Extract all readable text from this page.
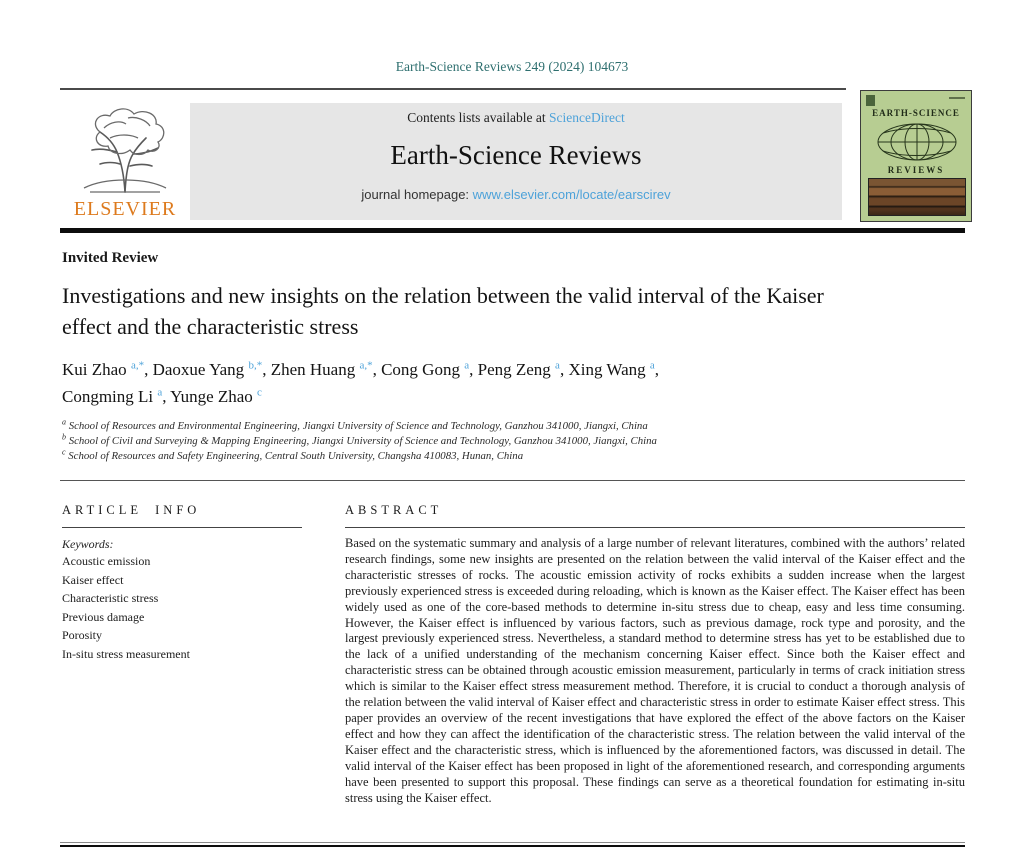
Earth-Science Reviews 249 (2024) 104673
ELSEVIER
Contents lists available at ScienceDirect
Earth-Science Reviews
journal homepage: www.elsevier.com/locate/earscirev
EARTH-SCIENCE
REVIEWS
Invited Review
Investigations and new insights on the relation between the valid interval of the Kaiser effect and the characteristic stress
Kui Zhao $^{a,*}$, Daoxue Yang $^{b,*}$, Zhen Huang $^{a,*}$, Cong Gong $^a$, Peng Zeng $^a$, Xing Wang $^a$,
Congming Li $^a$, Yunge Zhao $^c$
$^a$ School of Resources and Environmental Engineering, Jiangxi University of Science and Technology, Ganzhou 341000, Jiangxi, China
$^b$ School of Civil and Surveying & Mapping Engineering, Jiangxi University of Science and Technology, Ganzhou 341000, Jiangxi, China
$^c$ School of Resources and Safety Engineering, Central South University, Changsha 410083, Hunan, China
ARTICLE INFO
Keywords:
Acoustic emission
Kaiser effect
Characteristic stress
Previous damage
Porosity
In-situ stress measurement
ABSTRACT

Based on the systematic summary and analysis of a large number of relevant literatures, combined with the authors’ related research findings, some new insights are presented on the relation between the valid interval of the Kaiser effect and the characteristic stresses of rocks. The acoustic emission activity of rocks exhibits a sudden increase when the largest previously experienced stress is exceeded during reloading, which is known as the Kaiser effect. The Kaiser effect has been widely used as one of the core-based methods to determine in-situ stress due to cheap, easy and less time consuming. However, the Kaiser effect is influenced by various factors, such as previous damage, rock type and porosity, and the largest previously experienced stress. Nevertheless, a standard method to determine stress has yet to be established due to the lack of a unified understanding of the mechanism concerning Kaiser effect. Since both the Kaiser effect and characteristic stress can be obtained through acoustic emission measurement, particularly in terms of crack initiation stress which is similar to the Kaiser effect stress measurement method. Therefore, it is crucial to conduct a thorough analysis of the relation between the valid interval of Kaiser effect and characteristic stress in order to estimate Kaiser effect stress. This paper provides an overview of the recent investigations that have explored the effect of the above factors on the Kaiser effect and how they can affect the identification of the characteristic stress. The relation between the valid interval of the Kaiser effect and the characteristic stress, which is influenced by the aforementioned factors, was discussed in detail. The valid interval of the Kaiser effect has been proposed in light of the aforementioned research, and corresponding arguments have been presented to support this proposal. These findings can serve as a theoretical foundation for estimating in-situ stress using the Kaiser effect.
